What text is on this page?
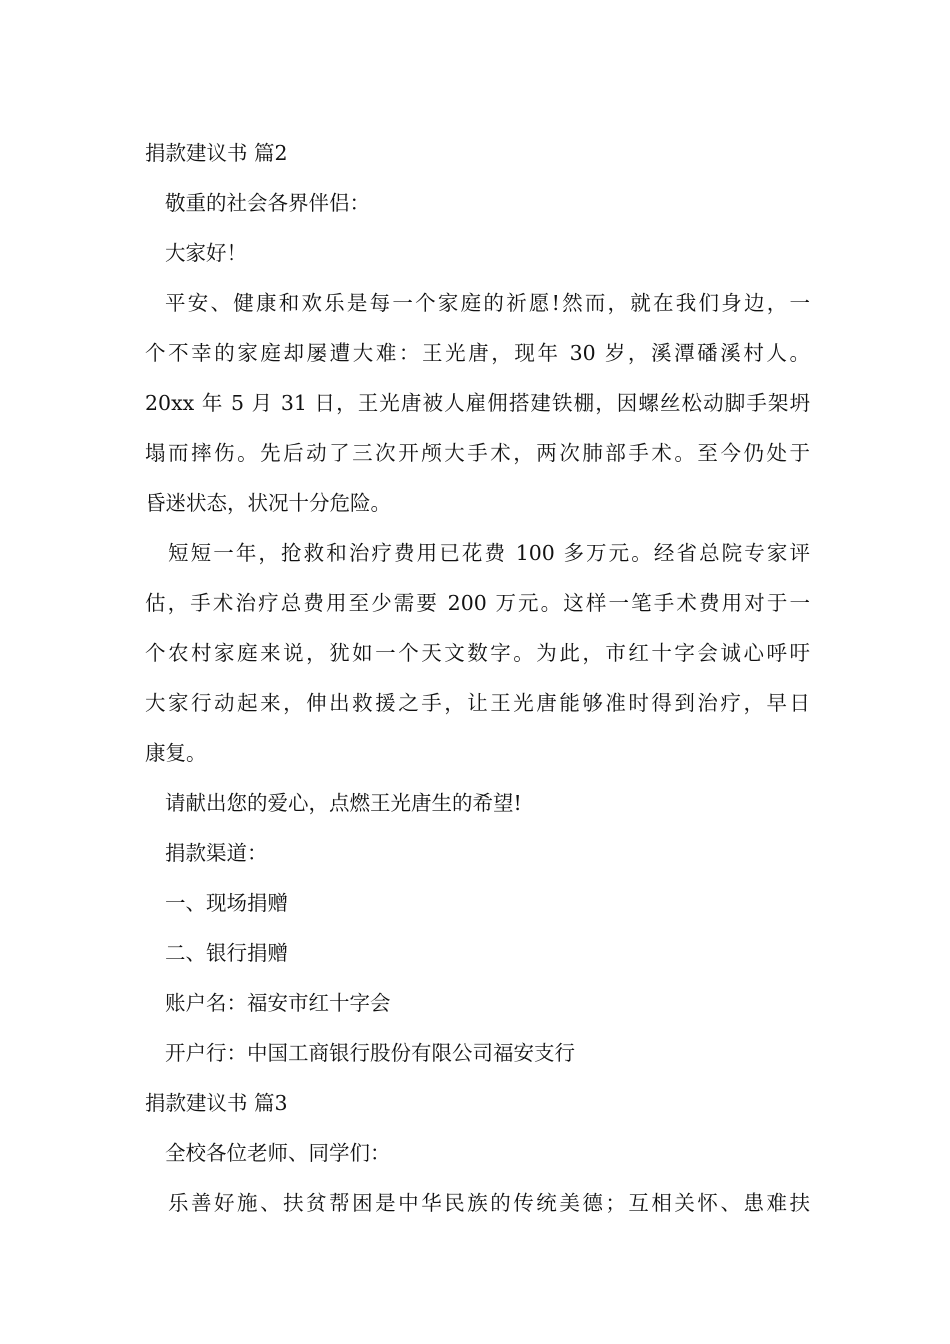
捐款建议书 篇2
敬重的社会各界伴侣：
大家好！
平安、健康和欢乐是每一个家庭的祈愿!然而，就在我们身边，一
个不幸的家庭却屡遭大难：王光唐，现年 30 岁，溪潭磻溪村人。
20xx 年 5 月 31 日，王光唐被人雇佣搭建铁棚，因螺丝松动脚手架坍
塌而摔伤。先后动了三次开颅大手术，两次肺部手术。至今仍处于
昏迷状态，状况十分危险。
短短一年，抢救和治疗费用已花费 100 多万元。经省总院专家评
估，手术治疗总费用至少需要 200 万元。这样一笔手术费用对于一
个农村家庭来说，犹如一个天文数字。为此，市红十字会诚心呼吁
大家行动起来，伸出救援之手，让王光唐能够准时得到治疗，早日
康复。
请献出您的爱心，点燃王光唐生的希望!
捐款渠道：
一、现场捐赠
二、银行捐赠
账户名：福安市红十字会
开户行：中国工商银行股份有限公司福安支行
捐款建议书 篇3
全校各位老师、同学们：
乐善好施、扶贫帮困是中华民族的传统美德；互相关怀、患难扶
